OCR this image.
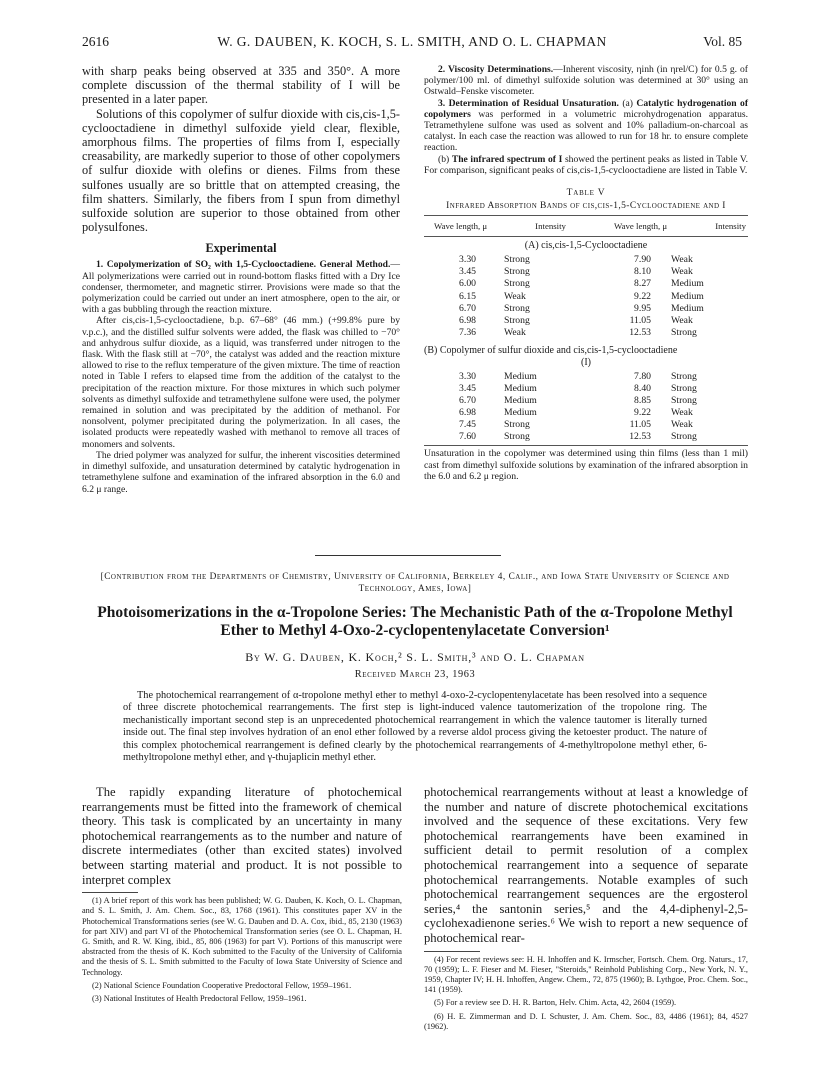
2616	W. G. DAUBEN, K. KOCH, S. L. SMITH, AND O. L. CHAPMAN	Vol. 85

with sharp peaks being observed at 335 and 350°. A more complete discussion of the thermal stability of I will be presented in a later paper.

Solutions of this copolymer of sulfur dioxide with cis,cis-1,5-cyclooctadiene in dimethyl sulfoxide yield clear, flexible, amorphous films. The properties of films from I, especially creasability, are markedly superior to those of other copolymers of sulfur dioxide with olefins or dienes. Films from these sulfones usually are so brittle that on attempted creasing, the film shatters. Similarly, the fibers from I spun from dimethyl sulfoxide solution are superior to those obtained from other polysulfones.

Experimental

1. Copolymerization of SO₂ with 1,5-Cyclooctadiene. General Method.—All polymerizations were carried out in round-bottom flasks fitted with a Dry Ice condenser, thermometer, and magnetic stirrer. Provisions were made so that the polymerization could be carried out under an inert atmosphere, open to the air, or with a gas bubbling through the reaction mixture.

After cis,cis-1,5-cyclooctadiene, b.p. 67–68° (46 mm.) (+99.8% pure by v.p.c.), and the distilled sulfur solvents were added, the flask was chilled to −70° and anhydrous sulfur dioxide, as a liquid, was transferred under nitrogen to the flask. With the flask still at −70°, the catalyst was added and the reaction mixture allowed to rise to the reflux temperature of the given mixture. The time of reaction noted in Table I refers to elapsed time from the addition of the catalyst to the precipitation of the reaction mixture. For those mixtures in which such polymer solvents as dimethyl sulfoxide and tetramethylene sulfone were used, the polymer remained in solution and was precipitated by the addition of methanol. For nonsolvent, polymer precipitated during the polymerization. In all cases, the isolated products were repeatedly washed with methanol to remove all traces of monomers and solvents.

The dried polymer was analyzed for sulfur, the inherent viscosities determined in dimethyl sulfoxide, and unsaturation determined by catalytic hydrogenation in tetramethylene sulfone and examination of the infrared absorption in the 6.0 and 6.2 μ range.

2. Viscosity Determinations.—Inherent viscosity, ηinh (in ηrel/C) for 0.5 g. of polymer/100 ml. of dimethyl sulfoxide solution was determined at 30° using an Ostwald–Fenske viscometer.

3. Determination of Residual Unsaturation. (a) Catalytic hydrogenation of copolymers was performed in a volumetric microhydrogenation apparatus. Tetramethylene sulfone was used as solvent and 10% palladium-on-charcoal as catalyst. In each case the reaction was allowed to run for 18 hr. to ensure complete reaction.

(b) The infrared spectrum of I showed the pertinent peaks as listed in Table V. For comparison, significant peaks of cis,cis-1,5-cyclooctadiene are listed in Table V.

Table V
Infrared Absorption Bands of cis,cis-1,5-Cyclooctadiene and I
Wave length, μ	Intensity	Wave length, μ	Intensity
(A) cis,cis-1,5-Cyclooctadiene
3.30	Strong	7.90	Weak
3.45	Strong	8.10	Weak
6.00	Strong	8.27	Medium
6.15	Weak	9.22	Medium
6.70	Strong	9.95	Medium
6.98	Strong	11.05	Weak
7.36	Weak	12.53	Strong
(B) Copolymer of sulfur dioxide and cis,cis-1,5-cyclooctadiene
(I)
3.30	Medium	7.80	Strong
3.45	Medium	8.40	Strong
6.70	Medium	8.85	Strong
6.98	Medium	9.22	Weak
7.45	Strong	11.05	Weak
7.60	Strong	12.53	Strong

Unsaturation in the copolymer was determined using thin films (less than 1 mil) cast from dimethyl sulfoxide solutions by examination of the infrared absorption in the 6.0 and 6.2 μ region.

[Contribution from the Departments of Chemistry, University of California, Berkeley 4, Calif., and Iowa State University of Science and Technology, Ames, Iowa]
Photoisomerizations in the α-Tropolone Series: The Mechanistic Path of the α-Tropolone Methyl Ether to Methyl 4-Oxo-2-cyclopentenylacetate Conversion¹
By W. G. Dauben, K. Koch,² S. L. Smith,³ and O. L. Chapman
Received March 23, 1963

The photochemical rearrangement of α-tropolone methyl ether to methyl 4-oxo-2-cyclopentenylacetate has been resolved into a sequence of three discrete photochemical rearrangements. The first step is light-induced valence tautomerization of the tropolone ring. The mechanistically important second step is an unprecedented photochemical rearrangement in which the valence tautomer is literally turned inside out. The final step involves hydration of an enol ether followed by a reverse aldol process giving the ketoester product. The nature of this complex photochemical rearrangement is defined clearly by the photochemical rearrangements of 4-methyltropolone methyl ether, 6-methyltropolone methyl ether, and γ-thujaplicin methyl ether.

The rapidly expanding literature of photochemical rearrangements must be fitted into the framework of chemical theory. This task is complicated by an uncertainty in many photochemical rearrangements as to the number and nature of discrete intermediates (other than excited states) involved between starting material and product. It is not possible to interpret complex

(1) A brief report of this work has been published; W. G. Dauben, K. Koch, O. L. Chapman, and S. L. Smith, J. Am. Chem. Soc., 83, 1768 (1961). This constitutes paper XV in the Photochemical Transformations series (see W. G. Dauben and D. A. Cox, ibid., 85, 2130 (1963) for part XIV) and part VI of the Photochemical Transformation series (see O. L. Chapman, H. G. Smith, and R. W. King, ibid., 85, 806 (1963) for part V). Portions of this manuscript were abstracted from the thesis of K. Koch submitted to the Faculty of the University of California and the thesis of S. L. Smith submitted to the Faculty of Iowa State University of Science and Technology.

(2) National Science Foundation Cooperative Predoctoral Fellow, 1959–1961.

(3) National Institutes of Health Predoctoral Fellow, 1959–1961.

photochemical rearrangements without at least a knowledge of the number and nature of discrete photochemical excitations involved and the sequence of these excitations. Very few photochemical rearrangements have been examined in sufficient detail to permit resolution of a complex photochemical rearrangement into a sequence of separate photochemical rearrangements. Notable examples of such photochemical rearrangement sequences are the ergosterol series,⁴ the santonin series,⁵ and the 4,4-diphenyl-2,5-cyclohexadienone series.⁶ We wish to report a new sequence of photochemical rear-

(4) For recent reviews see: H. H. Inhoffen and K. Irmscher, Fortsch. Chem. Org. Naturs., 17, 70 (1959); L. F. Fieser and M. Fieser, "Steroids," Reinhold Publishing Corp., New York, N. Y., 1959, Chapter IV; H. H. Inhoffen, Angew. Chem., 72, 875 (1960); B. Lythgoe, Proc. Chem. Soc., 141 (1959).

(5) For a review see D. H. R. Barton, Helv. Chim. Acta, 42, 2604 (1959).

(6) H. E. Zimmerman and D. I. Schuster, J. Am. Chem. Soc., 83, 4486 (1961); 84, 4527 (1962).
